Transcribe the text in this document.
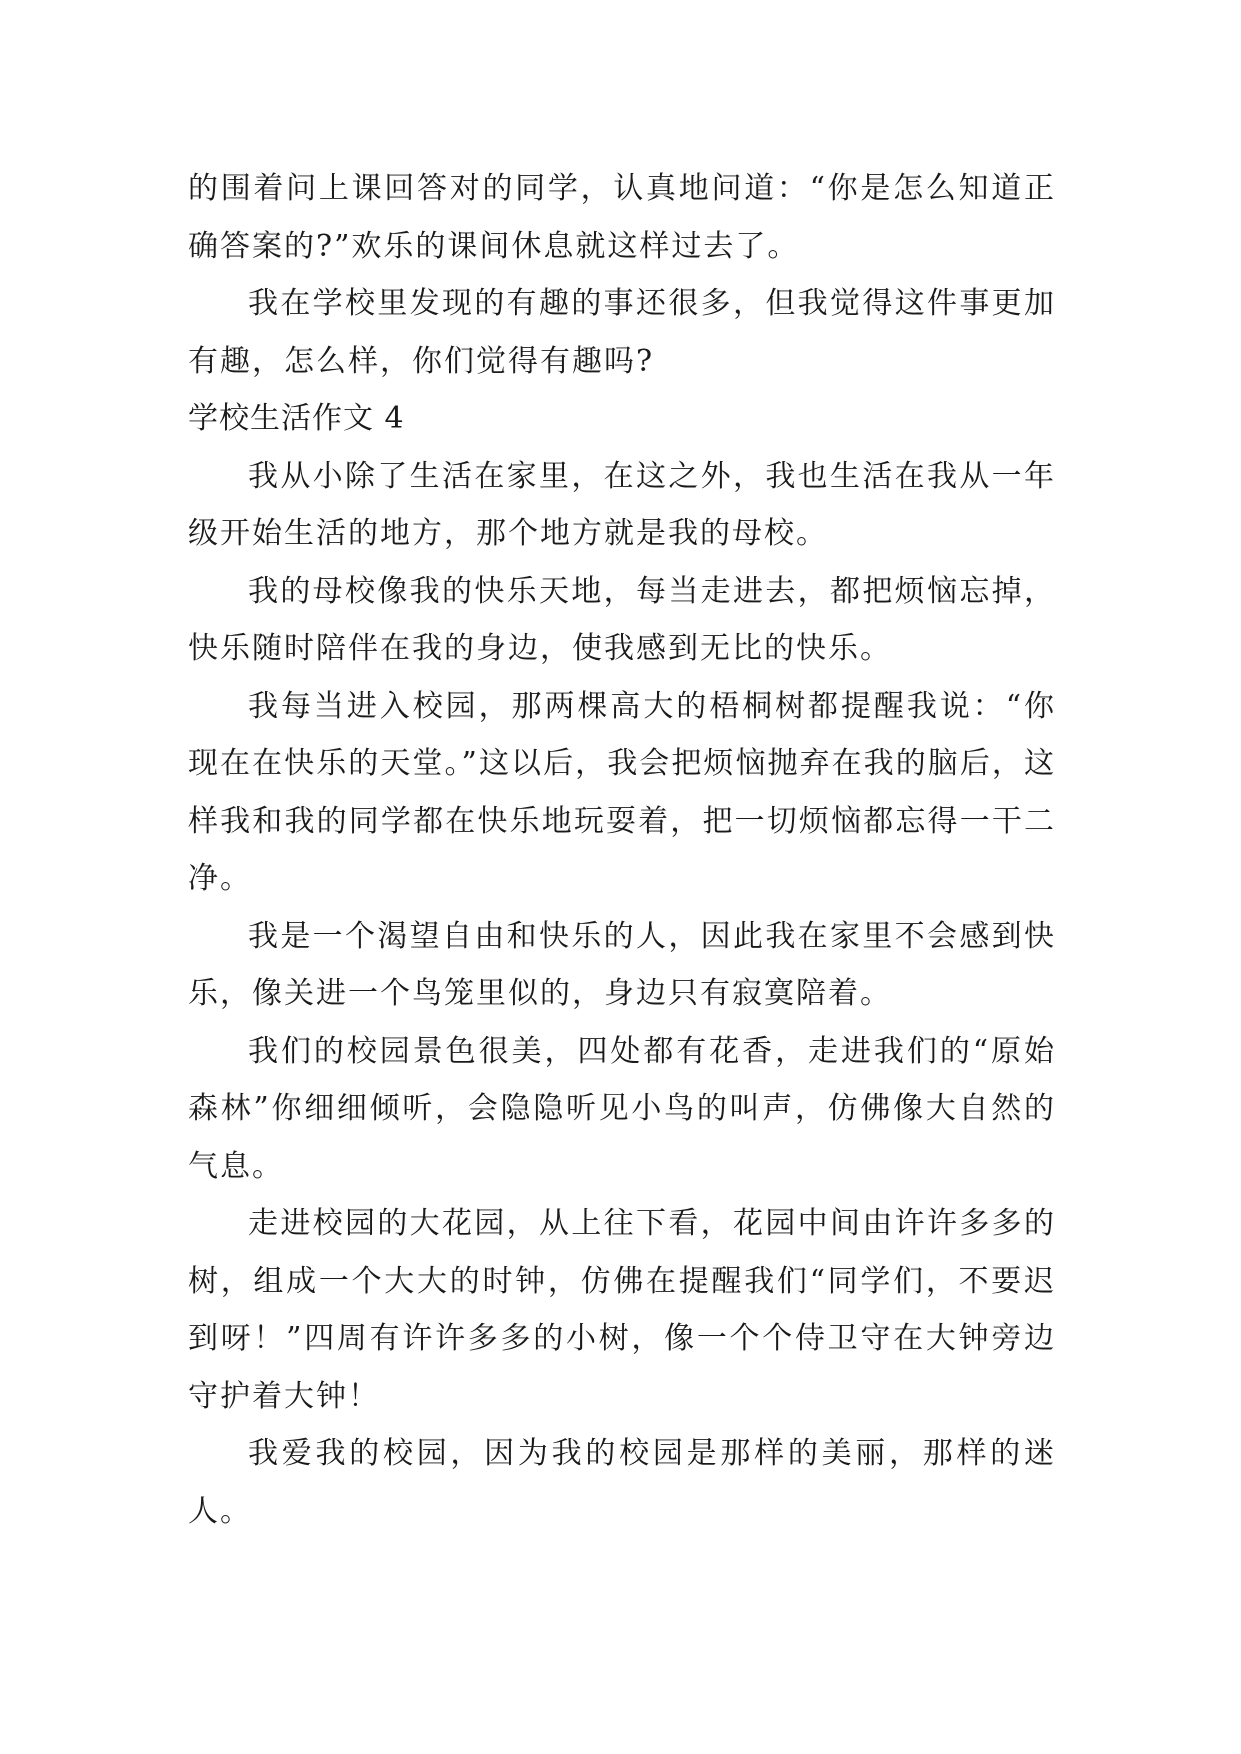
的围着问上课回答对的同学，认真地问道：“你是怎么知道正确答案的?”欢乐的课间休息就这样过去了。

我在学校里发现的有趣的事还很多，但我觉得这件事更加有趣，怎么样，你们觉得有趣吗?

学校生活作文 4

我从小除了生活在家里，在这之外，我也生活在我从一年级开始生活的地方，那个地方就是我的母校。

我的母校像我的快乐天地，每当走进去，都把烦恼忘掉，快乐随时陪伴在我的身边，使我感到无比的快乐。

我每当进入校园，那两棵高大的梧桐树都提醒我说：“你现在在快乐的天堂。”这以后，我会把烦恼抛弃在我的脑后，这样我和我的同学都在快乐地玩耍着，把一切烦恼都忘得一干二净。

我是一个渴望自由和快乐的人，因此我在家里不会感到快乐，像关进一个鸟笼里似的，身边只有寂寞陪着。

我们的校园景色很美，四处都有花香，走进我们的“原始森林”你细细倾听，会隐隐听见小鸟的叫声，仿佛像大自然的气息。

走进校园的大花园，从上往下看，花园中间由许许多多的树，组成一个大大的时钟，仿佛在提醒我们“同学们，不要迟到呀！”四周有许许多多的小树，像一个个侍卫守在大钟旁边守护着大钟！

我爱我的校园，因为我的校园是那样的美丽，那样的迷人。
